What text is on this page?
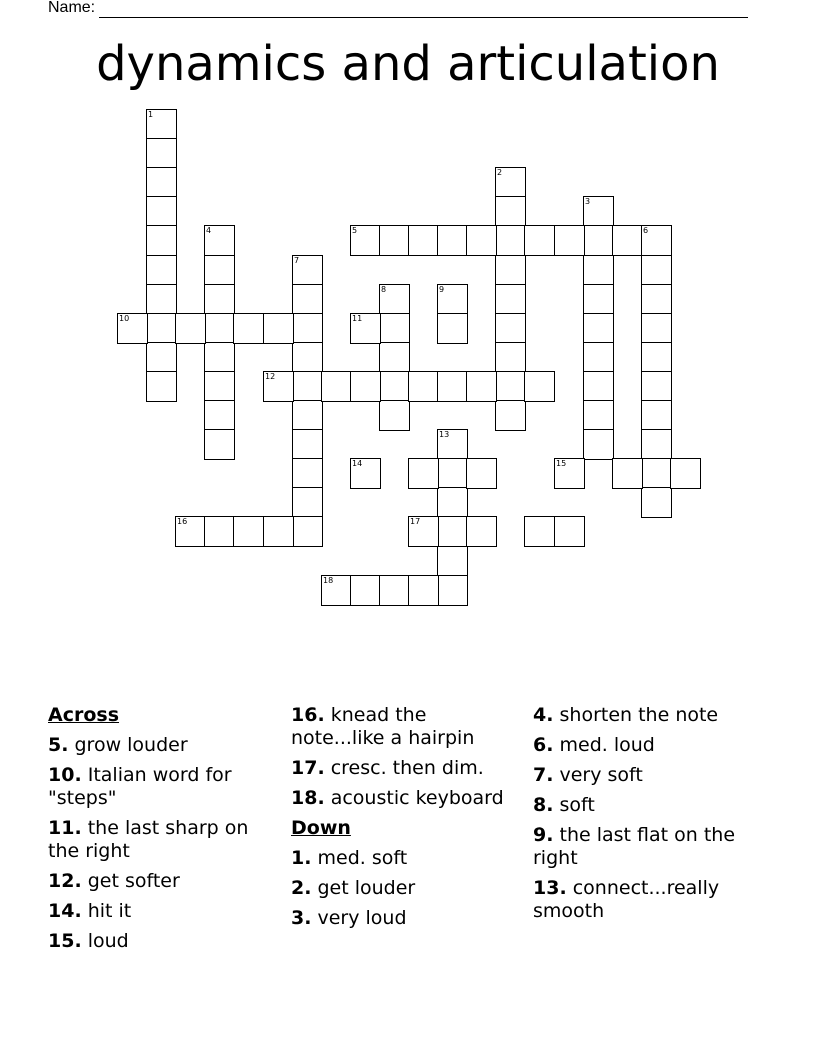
Name:
dynamics and articulation
1
2
3
4	5	6
7
8	9
10	11
12
13
14	15
16	17
18
Across
5. grow louder
10. Italian word for "steps"
11. the last sharp on the right
12. get softer
14. hit it
15. loud
16. knead the note...like a hairpin
17. cresc. then dim.
18. acoustic keyboard
Down
1. med. soft
2. get louder
3. very loud
4. shorten the note
6. med. loud
7. very soft
8. soft
9. the last flat on the right
13. connect...really smooth
